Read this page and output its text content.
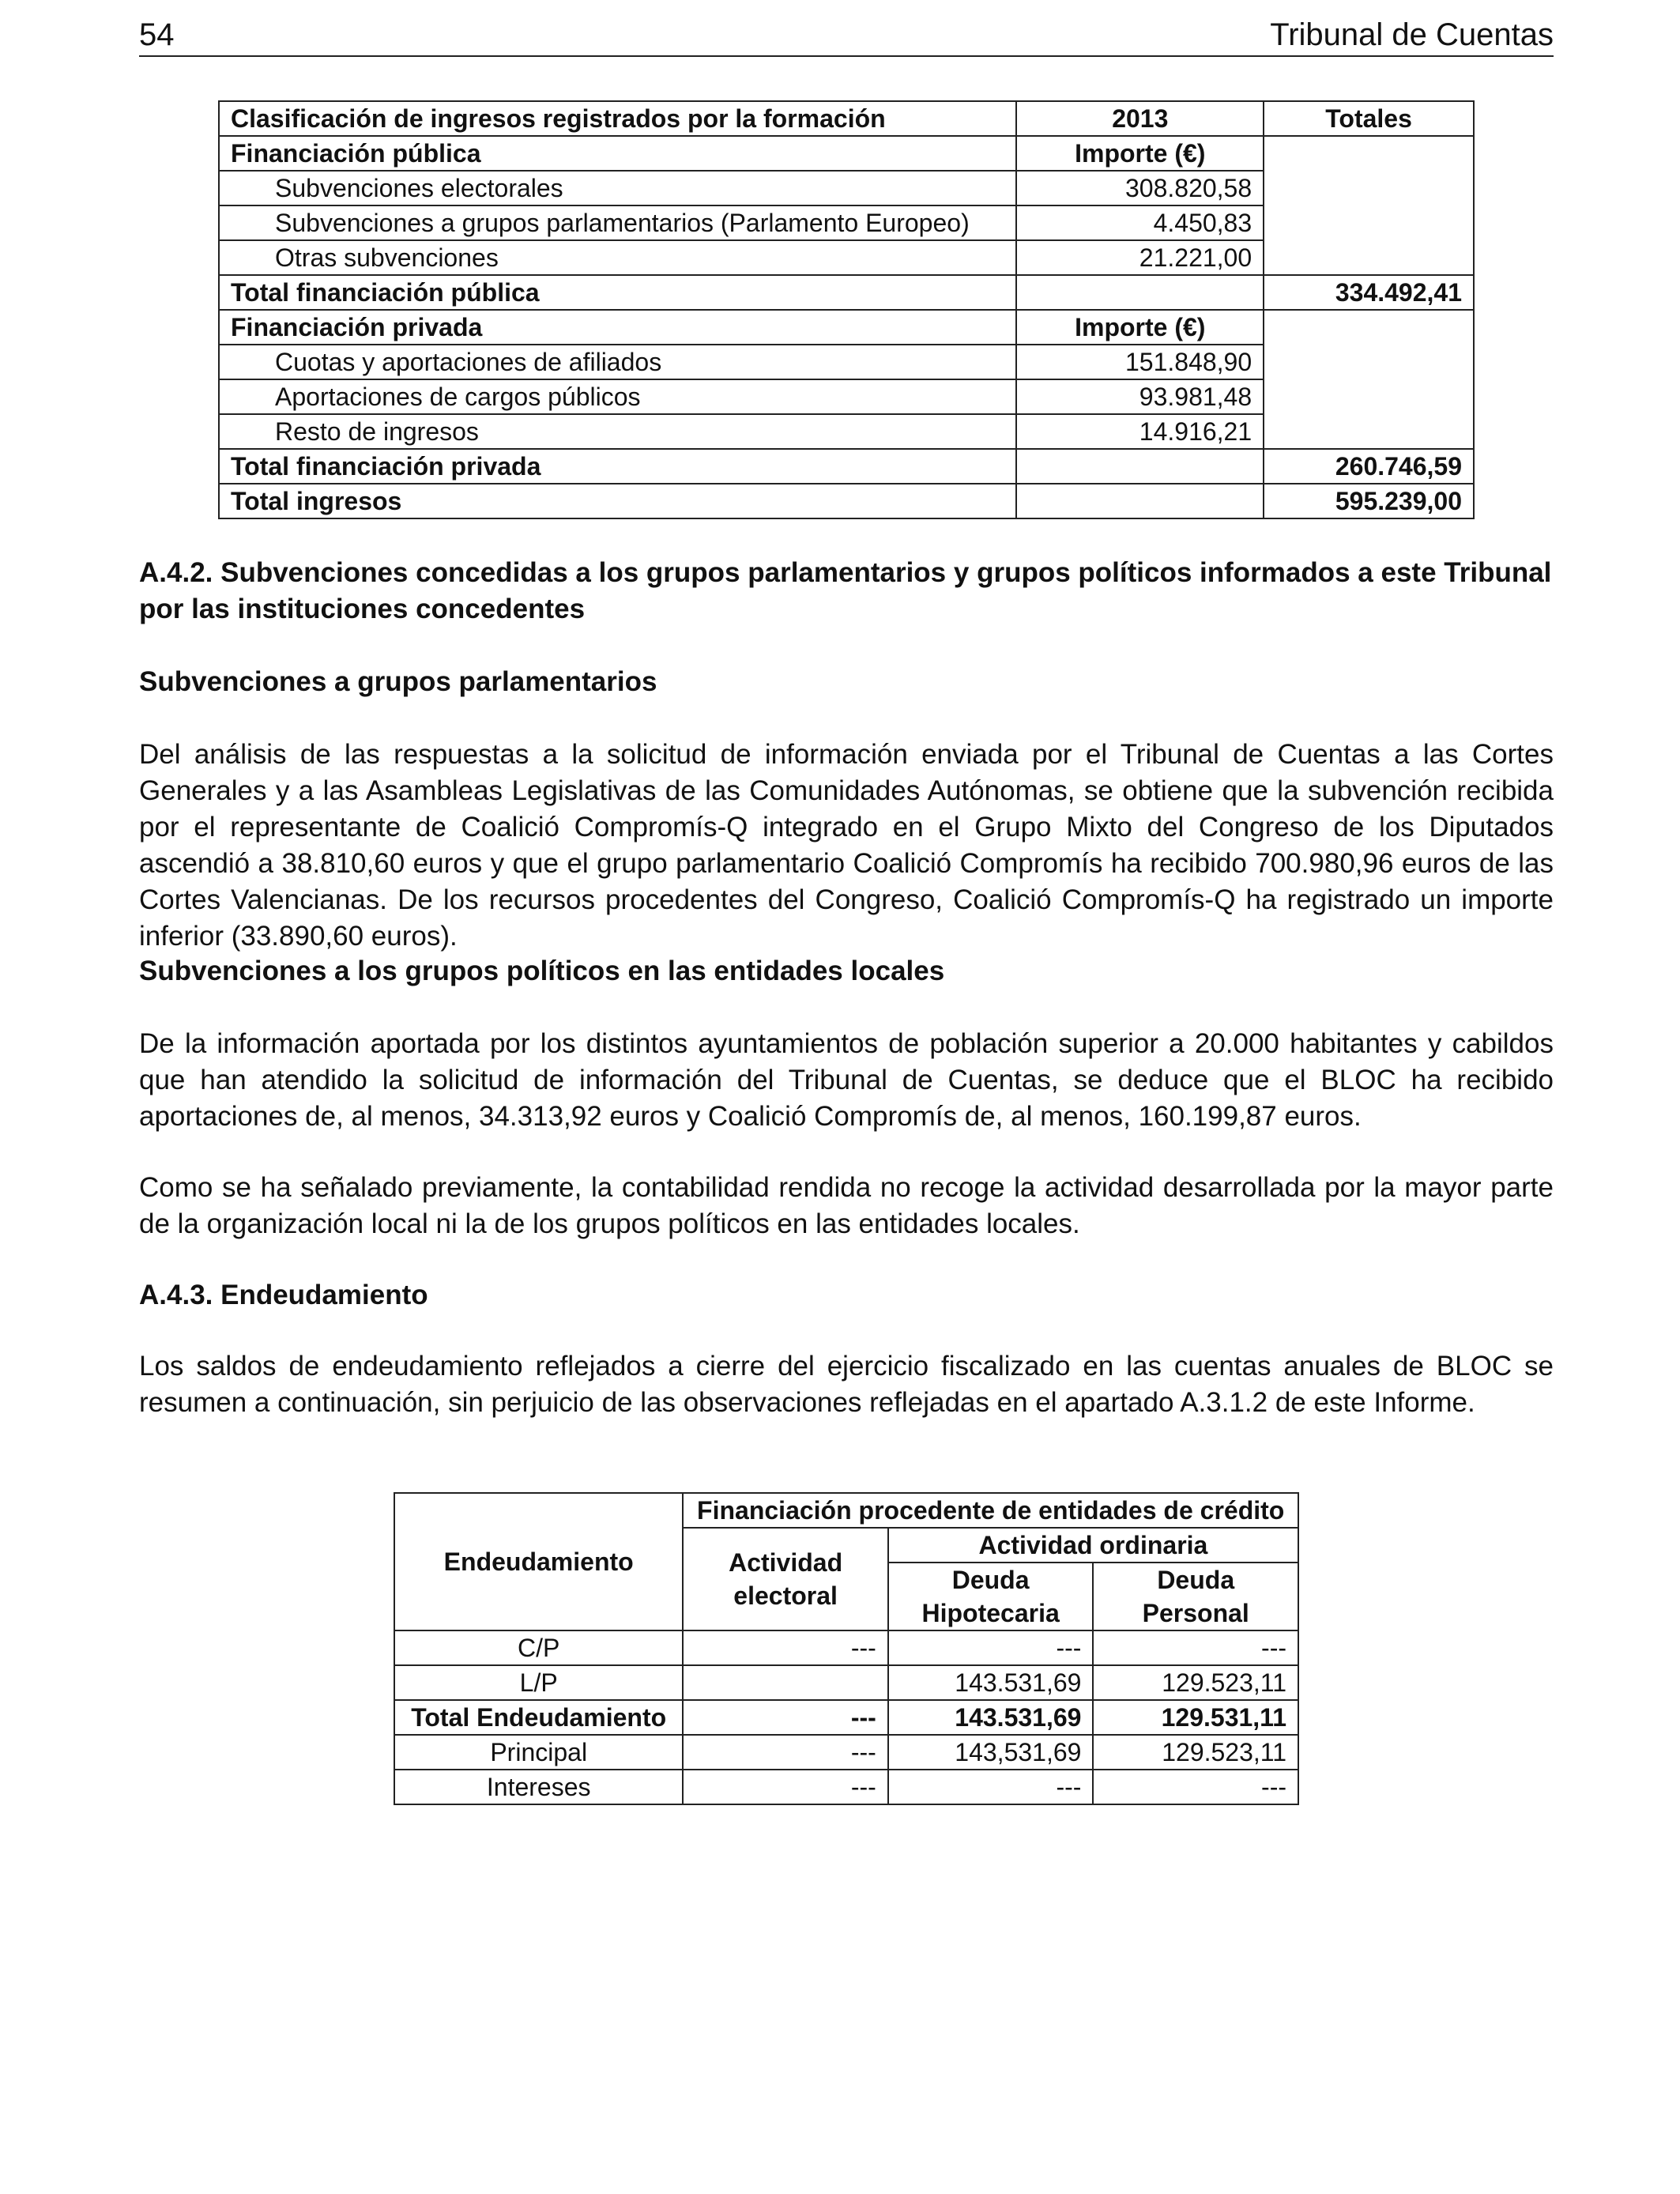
54	Tribunal de Cuentas
Clasificación de ingresos registrados por la formación	2013	Totales
Financiación pública	Importe (€)	
Subvenciones electorales	308.820,58	
Subvenciones a grupos parlamentarios (Parlamento Europeo)	4.450,83	
Otras subvenciones	21.221,00	
Total financiación pública		334.492,41
Financiación privada	Importe (€)	
Cuotas y aportaciones de afiliados	151.848,90	
Aportaciones de cargos públicos	93.981,48	
Resto de ingresos	14.916,21	
Total financiación privada		260.746,59
Total ingresos		595.239,00
A.4.2. Subvenciones concedidas a los grupos parlamentarios y grupos políticos informados a este Tribunal por las instituciones concedentes
Subvenciones a grupos parlamentarios
Del análisis de las respuestas a la solicitud de información enviada por el Tribunal de Cuentas a las Cortes Generales y a las Asambleas Legislativas de las Comunidades Autónomas, se obtiene que la subvención recibida por el representante de Coalició Compromís-Q integrado en el Grupo Mixto del Congreso de los Diputados ascendió a 38.810,60 euros y que el grupo parlamentario Coalició Compromís ha recibido 700.980,96 euros de las Cortes Valencianas. De los recursos procedentes del Congreso, Coalició Compromís-Q ha registrado un importe inferior (33.890,60 euros).
Subvenciones a los grupos políticos en las entidades locales
De la información aportada por los distintos ayuntamientos de población superior a 20.000 habitantes y cabildos que han atendido la solicitud de información del Tribunal de Cuentas, se deduce que el BLOC ha recibido aportaciones de, al menos, 34.313,92 euros y Coalició Compromís de, al menos, 160.199,87 euros.
Como se ha señalado previamente, la contabilidad rendida no recoge la actividad desarrollada por la mayor parte de la organización local ni la de los grupos políticos en las entidades locales.
A.4.3. Endeudamiento
Los saldos de endeudamiento reflejados a cierre del ejercicio fiscalizado en las cuentas anuales de BLOC se resumen a continuación, sin perjuicio de las observaciones reflejadas en el apartado A.3.1.2 de este Informe.
Endeudamiento	Financiación procedente de entidades de crédito		
	Actividad electoral	Actividad ordinaria	
		Deuda Hipotecaria	Deuda Personal
C/P	---	---	---
L/P		143.531,69	129.523,11
Total Endeudamiento	---	143.531,69	129.531,11
Principal	---	143,531,69	129.523,11
Intereses	---	---	---
